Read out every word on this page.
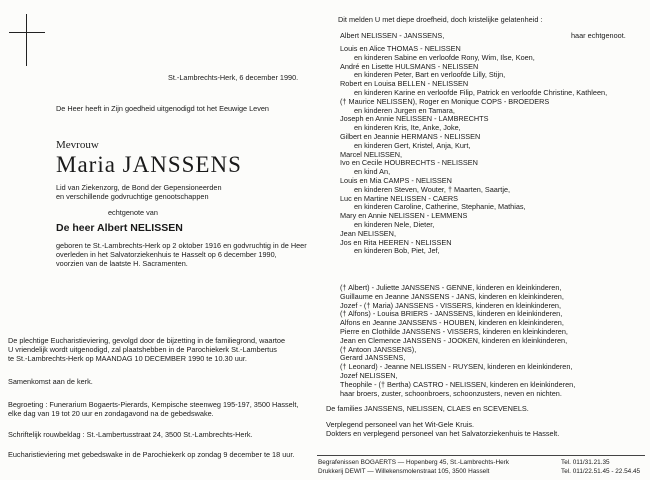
St.-Lambrechts-Herk, 6 december 1990.
De Heer heeft in Zijn goedheid uitgenodigd tot het Eeuwige Leven
Mevrouw
Maria JANSSENS
Lid van Ziekenzorg, de Bond der Gepensioneerden
en verschillende godvruchtige genootschappen
echtgenote van
De heer Albert NELISSEN
geboren te St.-Lambrechts-Herk op 2 oktober 1916 en godvruchtig in de Heer
overleden in het Salvatorziekenhuis te Hasselt op 6 december 1990,
voorzien van de laatste H. Sacramenten.
De plechtige Eucharistieviering, gevolgd door de bijzetting in de familiegrond, waartoe
U vriendelijk wordt uitgenodigd, zal plaatshebben in de Parochiekerk St.-Lambertus
te St.-Lambrechts-Herk op MAANDAG 10 DECEMBER 1990 te 10.30 uur.
Samenkomst aan de kerk.
Begroeting : Funerarium Bogaerts-Pierards, Kempische steenweg 195-197, 3500 Hasselt,
elke dag van 19 tot 20 uur en zondagavond na de gebedswake.
Schriftelijk rouwbeklag : St.-Lambertusstraat 24, 3500 St.-Lambrechts-Herk.
Eucharistieviering met gebedswake in de Parochiekerk op zondag 9 december te 18 uur.
Dit melden U met diepe droefheid, doch kristelijke gelatenheid :
Albert NELISSEN - JANSSENS,	haar echtgenoot.
Louis en Alice THOMAS - NELISSEN
en kinderen Sabine en verloofde Rony, Wim, Ilse, Koen,
André en Lisette HULSMANS - NELISSEN
en kinderen Peter, Bart en verloofde Lilly, Stijn,
Robert en Louisa BELLEN - NELISSEN
en kinderen Karine en verloofde Filip, Patrick en verloofde Christine, Kathleen,
(† Maurice NELISSEN), Roger en Monique COPS - BROEDERS
en kinderen Jurgen en Tamara,
Joseph en Annie NELISSEN - LAMBRECHTS
en kinderen Kris, Ite, Anke, Joke,
Gilbert en Jeannie HERMANS - NELISSEN
en kinderen Gert, Kristel, Anja, Kurt,
Marcel NELISSEN,
Ivo en Cecile HOUBRECHTS - NELISSEN
en kind An,
Louis en Mia CAMPS - NELISSEN
en kinderen Steven, Wouter, † Maarten, Saartje,
Luc en Martine NELISSEN - CAERS
en kinderen Caroline, Catherine, Stephanie, Mathias,
Mary en Annie NELISSEN - LEMMENS
en kinderen Nele, Dieter,
Jean NELISSEN,
Jos en Rita HEEREN - NELISSEN
en kinderen Bob, Piet, Jef,
(† Albert) - Juliette JANSSENS - GENNE, kinderen en kleinkinderen,
Guillaume en Jeanne JANSSENS - JANS, kinderen en kleinkinderen,
Jozef - († Maria) JANSSENS - VISSERS, kinderen en kleinkinderen,
(† Alfons) - Louisa BRIERS - JANSSENS, kinderen en kleinkinderen,
Alfons en Jeanne JANSSENS - HOUBEN, kinderen en kleinkinderen,
Pierre en Clothilde JANSSENS - VISSERS, kinderen en kleinkinderen,
Jean en Clemence JANSSENS - JOOKEN, kinderen en kleinkinderen,
(† Antoon JANSSENS),
Gerard JANSSENS,
(† Leonard) - Jeanne NELISSEN - RUYSEN, kinderen en kleinkinderen,
Jozef NELISSEN,
Theophile - († Bertha) CASTRO - NELISSEN, kinderen en kleinkinderen,
haar broers, zuster, schoonbroers, schoonzusters, neven en nichten.
De families JANSSENS, NELISSEN, CLAES en SCEVENELS.
Verplegend personeel van het Wit-Gele Kruis.
Dokters en verplegend personeel van het Salvatorziekenhuis te Hasselt.
Begrafenissen BOGAERTS — Hopenberg 45, St.-Lambrechts-Herk	Tel. 011/31.21.35
Drukkerij DEWIT — Willekensmolenstraat 105, 3500 Hasselt	Tel. 011/22.51.45 - 22.54.45
